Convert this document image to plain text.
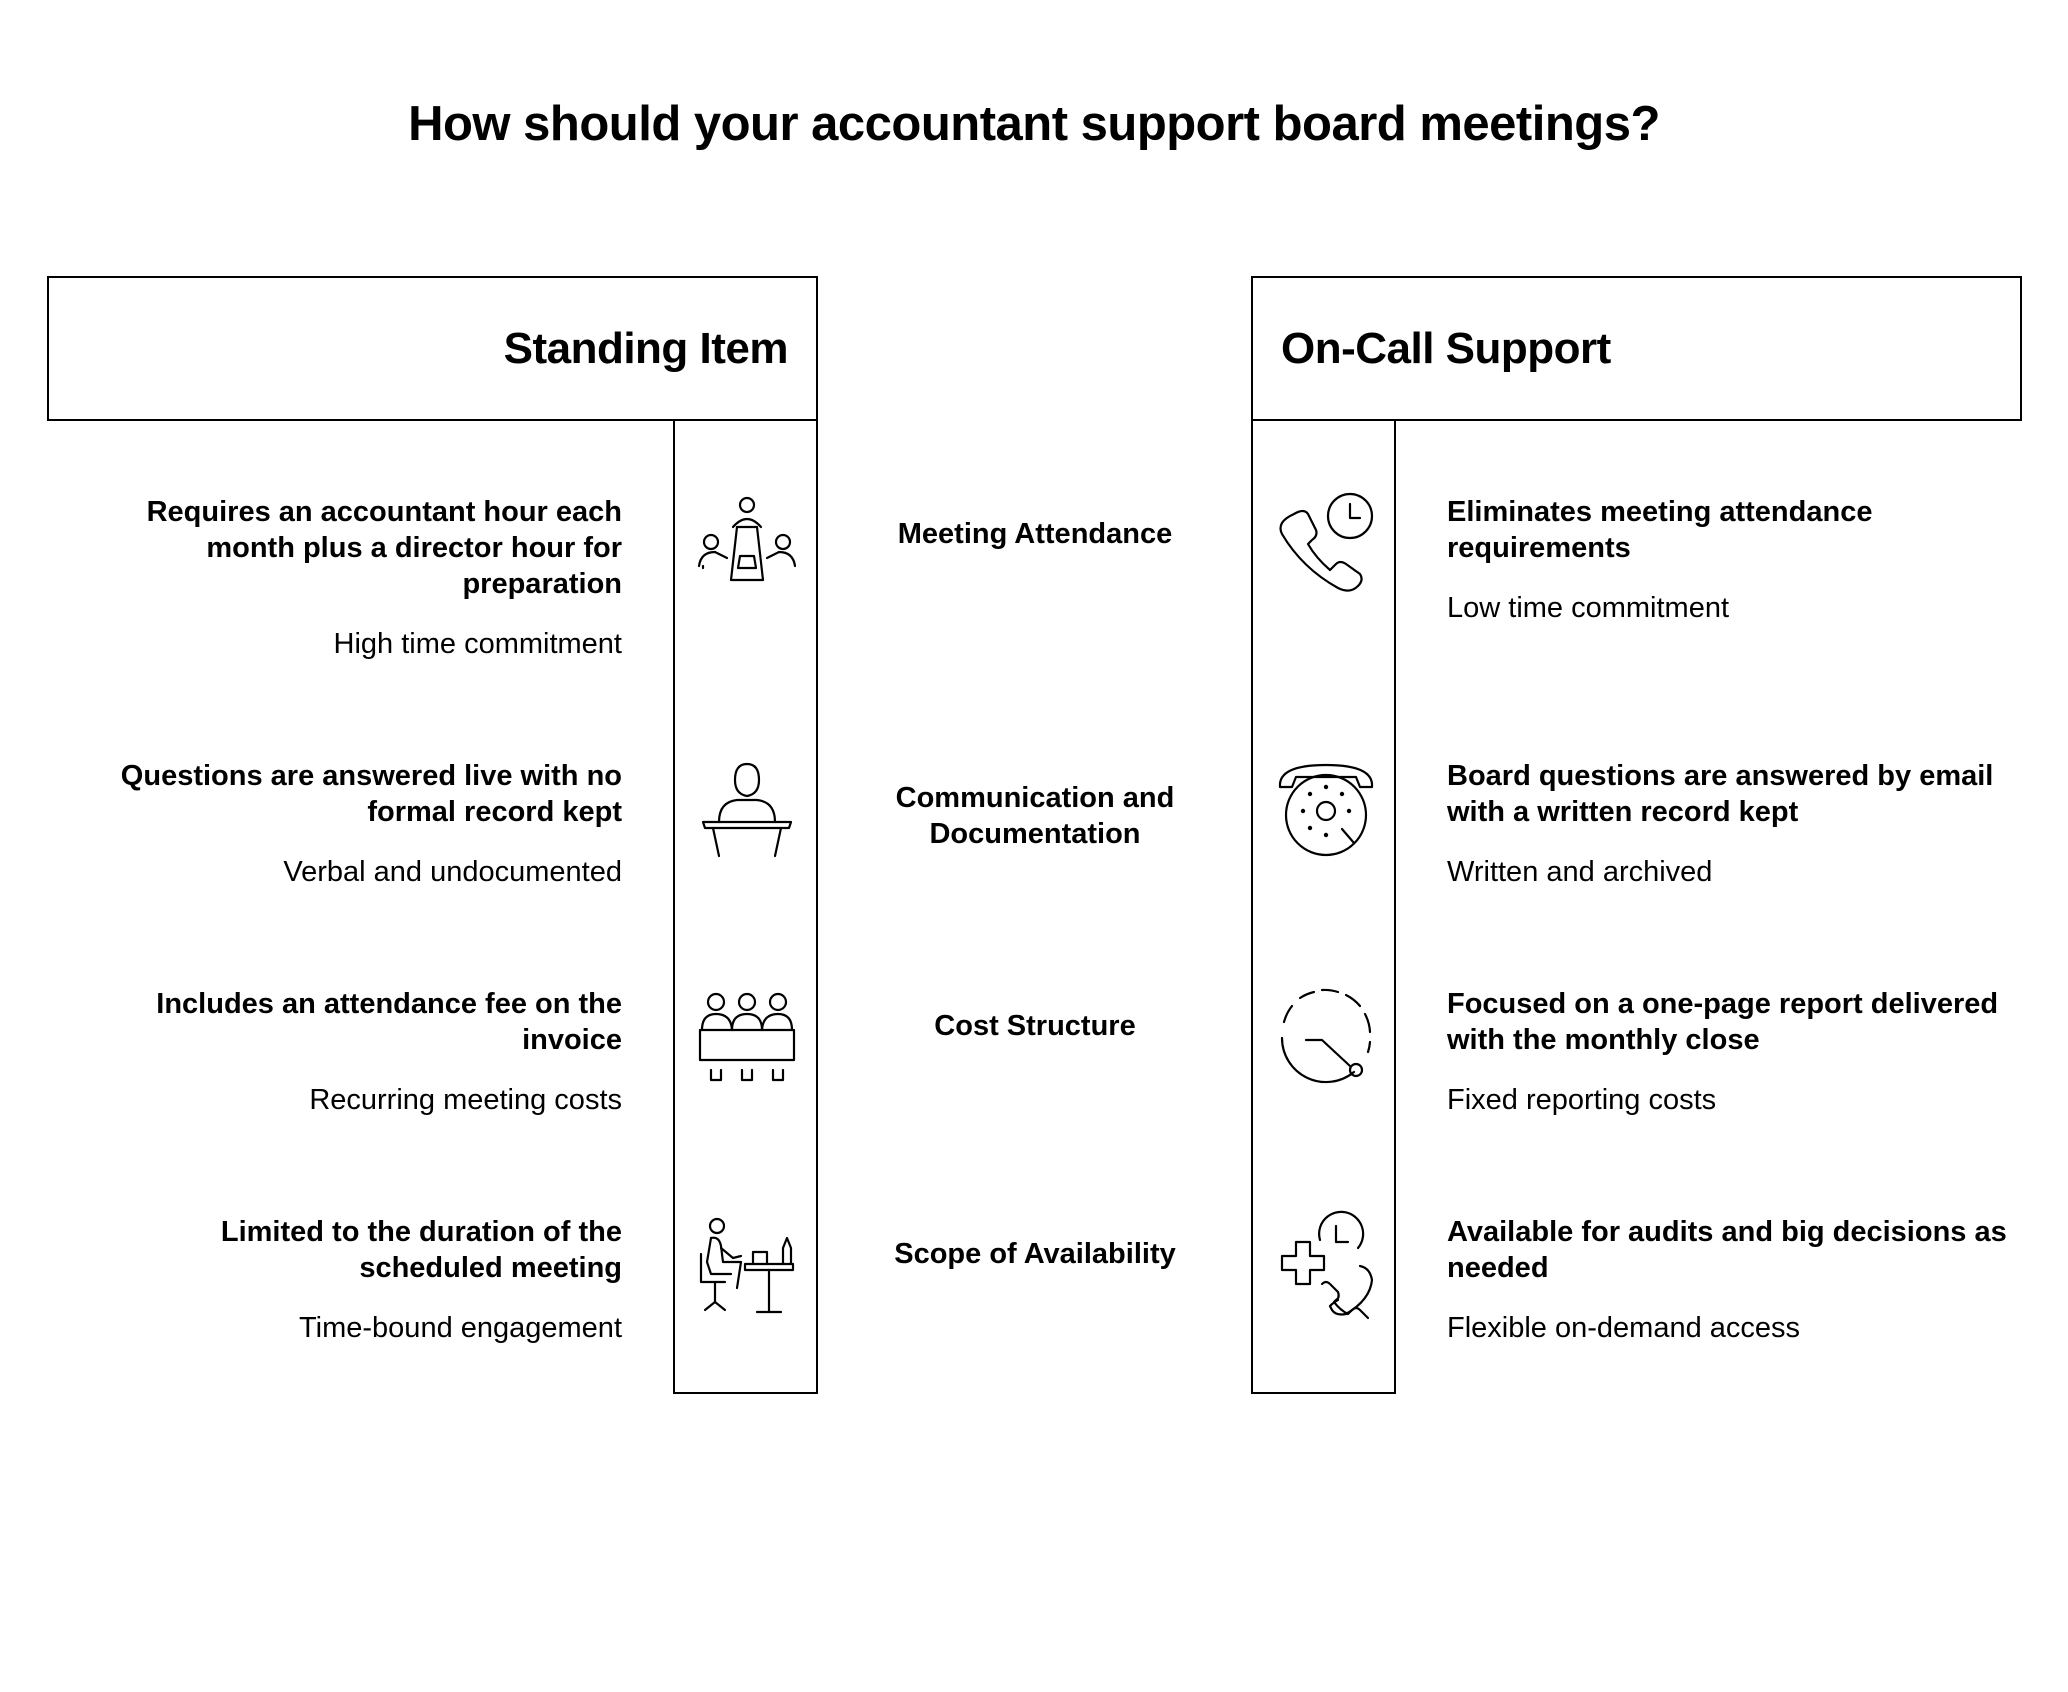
How should your accountant support board meetings?
Standing Item	On-Call Support
Requires an accountant hour each month plus a director hour for preparation
High time commitment
Questions are answered live with no formal record kept
Verbal and undocumented
Includes an attendance fee on the invoice
Recurring meeting costs
Limited to the duration of the scheduled meeting
Time-bound engagement
Meeting Attendance
Communication and Documentation
Cost Structure
Scope of Availability
Eliminates meeting attendance requirements
Low time commitment
Board questions are answered by email with a written record kept
Written and archived
Focused on a one-page report delivered with the monthly close
Fixed reporting costs
Available for audits and big decisions as needed
Flexible on-demand access
